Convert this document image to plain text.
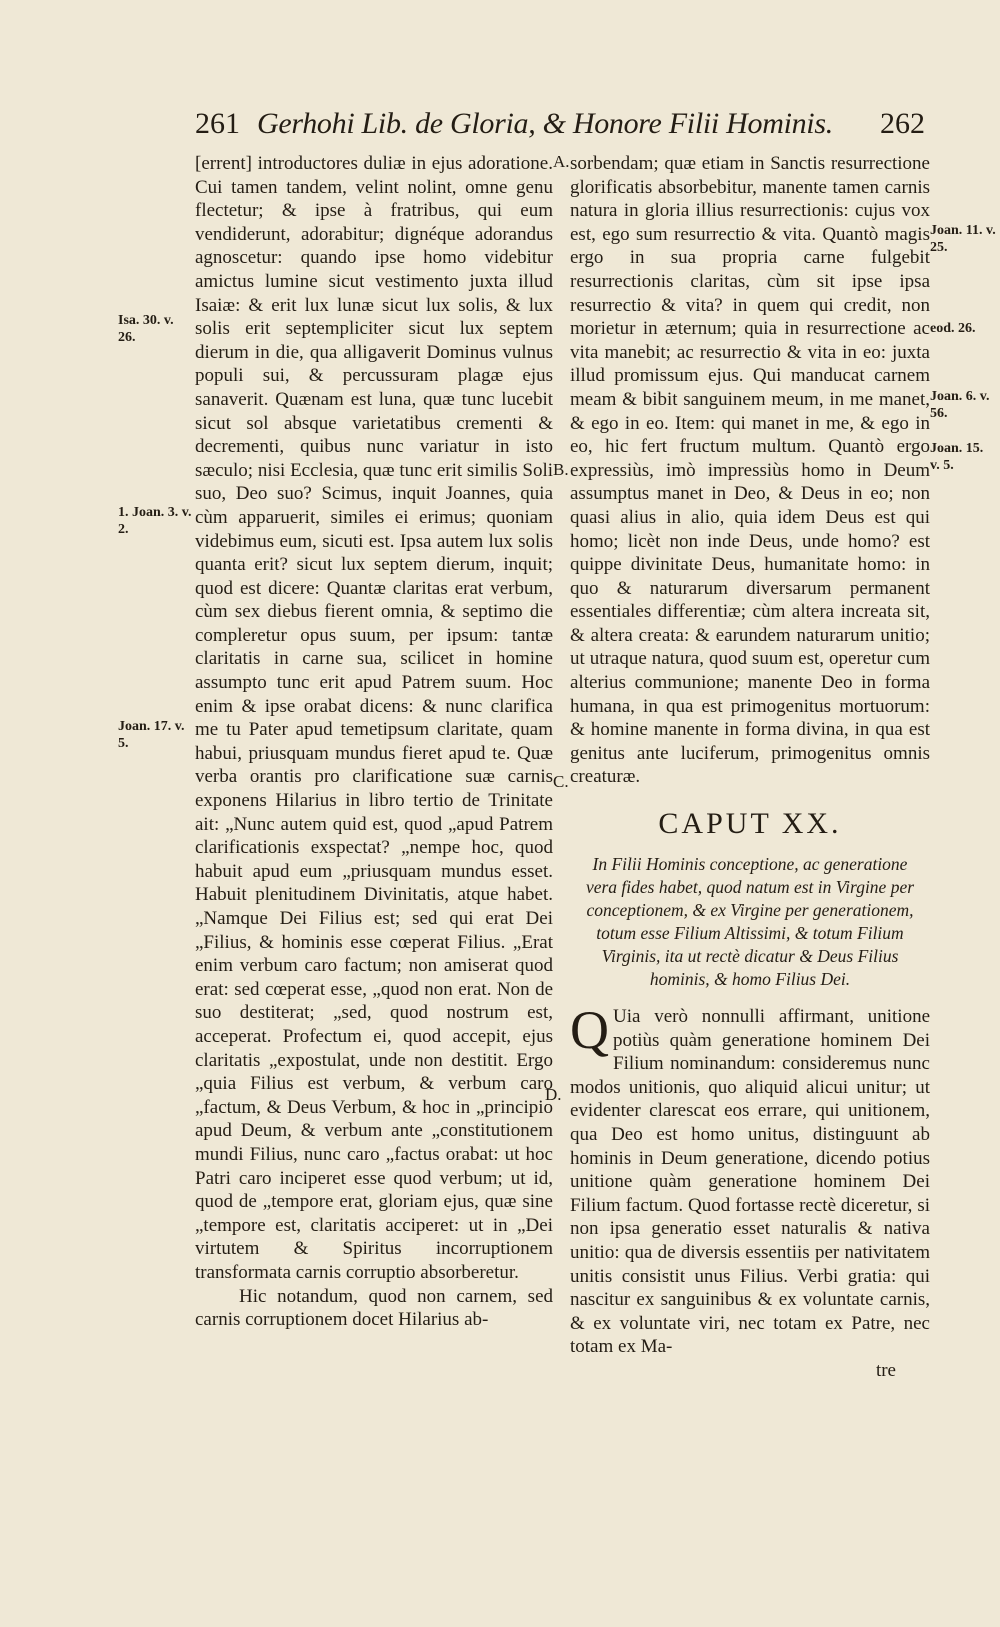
261 Gerhohi Lib. de Gloria, & Honore Filii Hominis. 262
Isa. 30. v. 26.
1. Joan. 3. v. 2.
Joan. 17. v. 5.
Joan. 11. v. 25.
eod. 26.
Joan. 6. v. 56.
Joan. 15. v. 5.
A.
B.
C.
D.

[errent] introductores duliæ in ejus adoratione. Cui tamen tandem, velint nolint, omne genu flectetur; & ipse à fratribus, qui eum vendiderunt, adorabitur; dignéque adorandus agnoscetur: quando ipse homo videbitur amictus lumine sicut vestimento juxta illud Isaiæ: & erit lux lunæ sicut lux solis, & lux solis erit septempliciter sicut lux septem dierum in die, qua alligaverit Dominus vulnus populi sui, & percussuram plagæ ejus sanaverit. Quænam est luna, quæ tunc lucebit sicut sol absque varietatibus crementi & decrementi, quibus nunc variatur in isto sæculo; nisi Ecclesia, quæ tunc erit similis Soli suo, Deo suo? Scimus, inquit Joannes, quia cùm apparuerit, similes ei erimus; quoniam videbimus eum, sicuti est. Ipsa autem lux solis quanta erit? sicut lux septem dierum, inquit; quod est dicere: Quantæ claritas erat verbum, cùm sex diebus fierent omnia, & septimo die compleretur opus suum, per ipsum: tantæ claritatis in carne sua, scilicet in homine assumpto tunc erit apud Patrem suum. Hoc enim & ipse orabat dicens: & nunc clarifica me tu Pater apud temetipsum claritate, quam habui, priusquam mundus fieret apud te. Quæ verba orantis pro clarificatione suæ carnis exponens Hilarius in libro tertio de Trinitate ait: „Nunc autem quid est, quod „apud Patrem clarificationis exspectat? „nempe hoc, quod habuit apud eum „priusquam mundus esset. Habuit plenitudinem Divinitatis, atque habet. „Namque Dei Filius est; sed qui erat Dei „Filius, & hominis esse cœperat Filius. „Erat enim verbum caro factum; non amiserat quod erat: sed cœperat esse, „quod non erat. Non de suo destiterat; „sed, quod nostrum est, acceperat. Profectum ei, quod accepit, ejus claritatis „expostulat, unde non destitit. Ergo „quia Filius est verbum, & verbum caro „factum, & Deus Verbum, & hoc in „principio apud Deum, & verbum ante „constitutionem mundi Filius, nunc caro „factus orabat: ut hoc Patri caro inciperet esse quod verbum; ut id, quod de „tempore erat, gloriam ejus, quæ sine „tempore est, claritatis acciperet: ut in „Dei virtutem & Spiritus incorruptionem transformata carnis corruptio absorberetur.

Hic notandum, quod non carnem, sed carnis corruptionem docet Hilarius ab-

sorbendam; quæ etiam in Sanctis resurrectione glorificatis absorbebitur, manente tamen carnis natura in gloria illius resurrectionis: cujus vox est, ego sum resurrectio & vita. Quantò magis ergo in sua propria carne fulgebit resurrectionis claritas, cùm sit ipse ipsa resurrectio & vita? in quem qui credit, non morietur in æternum; quia in resurrectione ac vita manebit; ac resurrectio & vita in eo: juxta illud promissum ejus. Qui manducat carnem meam & bibit sanguinem meum, in me manet, & ego in eo. Item: qui manet in me, & ego in eo, hic fert fructum multum. Quantò ergo expressiùs, imò impressiùs homo in Deum assumptus manet in Deo, & Deus in eo; non quasi alius in alio, quia idem Deus est qui homo; licèt non inde Deus, unde homo? est quippe divinitate Deus, humanitate homo: in quo & naturarum diversarum permanent essentiales differentiæ; cùm altera increata sit, & altera creata: & earundem naturarum unitio; ut utraque natura, quod suum est, operetur cum alterius communione; manente Deo in forma humana, in qua est primogenitus mortuorum: & homine manente in forma divina, in qua est genitus ante luciferum, primogenitus omnis creaturæ.

CAPUT XX.
In Filii Hominis conceptione, ac generatione vera fides habet, quod natum est in Virgine per conceptionem, & ex Virgine per generationem, totum esse Filium Altissimi, & totum Filium Virginis, ita ut rectè dicatur & Deus Filius hominis, & homo Filius Dei.

Q Uia verò nonnulli affirmant, unitione potiùs quàm generatione hominem Dei Filium nominandum: consideremus nunc modos unitionis, quo aliquid alicui unitur; ut evidenter clarescat eos errare, qui unitionem, qua Deo est homo unitus, distinguunt ab hominis in Deum generatione, dicendo potius unitione quàm generatione hominem Dei Filium factum. Quod fortasse rectè diceretur, si non ipsa generatio esset naturalis & nativa unitio: qua de diversis essentiis per nativitatem unitis consistit unus Filius. Verbi gratia: qui nascitur ex sanguinibus & ex voluntate carnis, & ex voluntate viri, nec totam ex Patre, nec totam ex Ma-

tre
